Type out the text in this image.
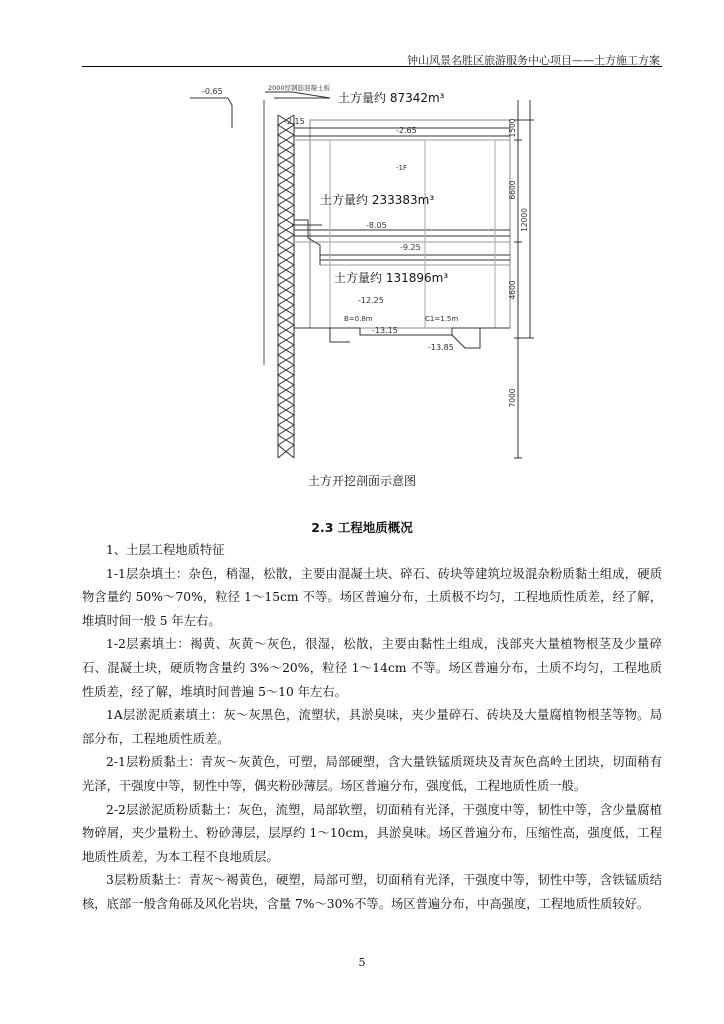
钟山风景名胜区旅游服务中心项目——土方施工方案
-0.65
-2.15
-2.65
-8.05
-9.25
-12.25
-13.15
-13.85
2000厚钢筋混凝土板
-1F
B=0.8m	C1=1.5m
1500
6600
4600
12000
7000
土方量约 87342m³
土方量约 233383m³
土方量约 131896m³
土方开挖剖面示意图
2.3 工程地质概况

1、土层工程地质特征

1-1层杂填土：杂色，稍湿，松散，主要由混凝土块、碎石、砖块等建筑垃圾混杂粉质黏土组成，硬质物含量约 50%～70%，粒径 1～15cm 不等。场区普遍分布，土质极不均匀，工程地质性质差，经了解，堆填时间一般 5 年左右。

1-2层素填土：褐黄、灰黄～灰色，很湿，松散，主要由黏性土组成，浅部夹大量植物根茎及少量碎石、混凝土块，硬质物含量约 3%～20%，粒径 1～14cm 不等。场区普遍分布，土质不均匀，工程地质性质差，经了解，堆填时间普遍 5～10 年左右。

1A层淤泥质素填土：灰～灰黑色，流塑状，具淤臭味，夹少量碎石、砖块及大量腐植物根茎等物。局部分布，工程地质性质差。

2-1层粉质黏土：青灰～灰黄色，可塑，局部硬塑，含大量铁锰质斑块及青灰色高岭土团块，切面稍有光泽，干强度中等，韧性中等，偶夹粉砂薄层。场区普遍分布，强度低，工程地质性质一般。

2-2层淤泥质粉质黏土：灰色，流塑，局部软塑，切面稍有光泽，干强度中等，韧性中等，含少量腐植物碎屑，夹少量粉土、粉砂薄层，层厚约 1～10cm，具淤臭味。场区普遍分布，压缩性高，强度低，工程地质性质差，为本工程不良地质层。

3层粉质黏土：青灰～褐黄色，硬塑，局部可塑，切面稍有光泽，干强度中等，韧性中等，含铁锰质结核，底部一般含角砾及风化岩块，含量 7%～30%不等。场区普遍分布，中高强度，工程地质性质较好。

5
